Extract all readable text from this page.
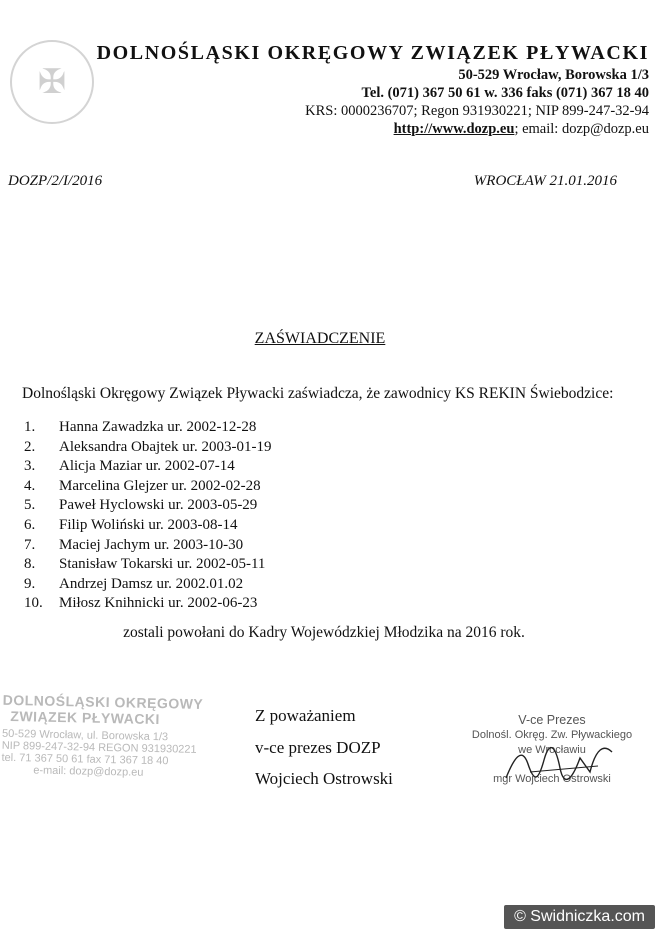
✠
DOLNOŚLĄSKI OKRĘGOWY ZWIĄZEK PŁYWACKI
50-529 Wrocław, Borowska 1/3
Tel. (071) 367 50 61 w. 336 faks (071) 367 18 40
KRS: 0000236707; Regon 931930221; NIP 899-247-32-94
http://www.dozp.eu; email: dozp@dozp.eu
DOZP/2/I/2016	WROCŁAW 21.01.2016
ZAŚWIADCZENIE
Dolnośląski Okręgowy Związek Pływacki zaświadcza, że zawodnicy KS REKIN Świebodzice:
1. Hanna Zawadzka ur. 2002-12-28
2. Aleksandra Obajtek ur. 2003-01-19
3. Alicja Maziar ur. 2002-07-14
4. Marcelina Glejzer ur. 2002-02-28
5. Paweł Hyclowski ur. 2003-05-29
6. Filip Woliński ur. 2003-08-14
7. Maciej Jachym ur. 2003-10-30
8. Stanisław Tokarski ur. 2002-05-11
9. Andrzej Damsz ur. 2002.01.02
10. Miłosz Knihnicki ur. 2002-06-23
zostali powołani do Kadry Wojewódzkiej Młodzika na 2016 rok.
DOLNOŚLĄSKI OKRĘGOWY
ZWIĄZEK PŁYWACKI
50-529 Wrocław, ul. Borowska 1/3
NIP 899-247-32-94 REGON 931930221
tel. 71 367 50 61 fax 71 367 18 40
e-mail: dozp@dozp.eu
Z poważaniem
v-ce prezes DOZP
Wojciech Ostrowski
V-ce Prezes
Dolnośl. Okręg. Zw. Pływackiego
we Wrocławiu
mgr Wojciech Ostrowski
© Swidniczka.com
